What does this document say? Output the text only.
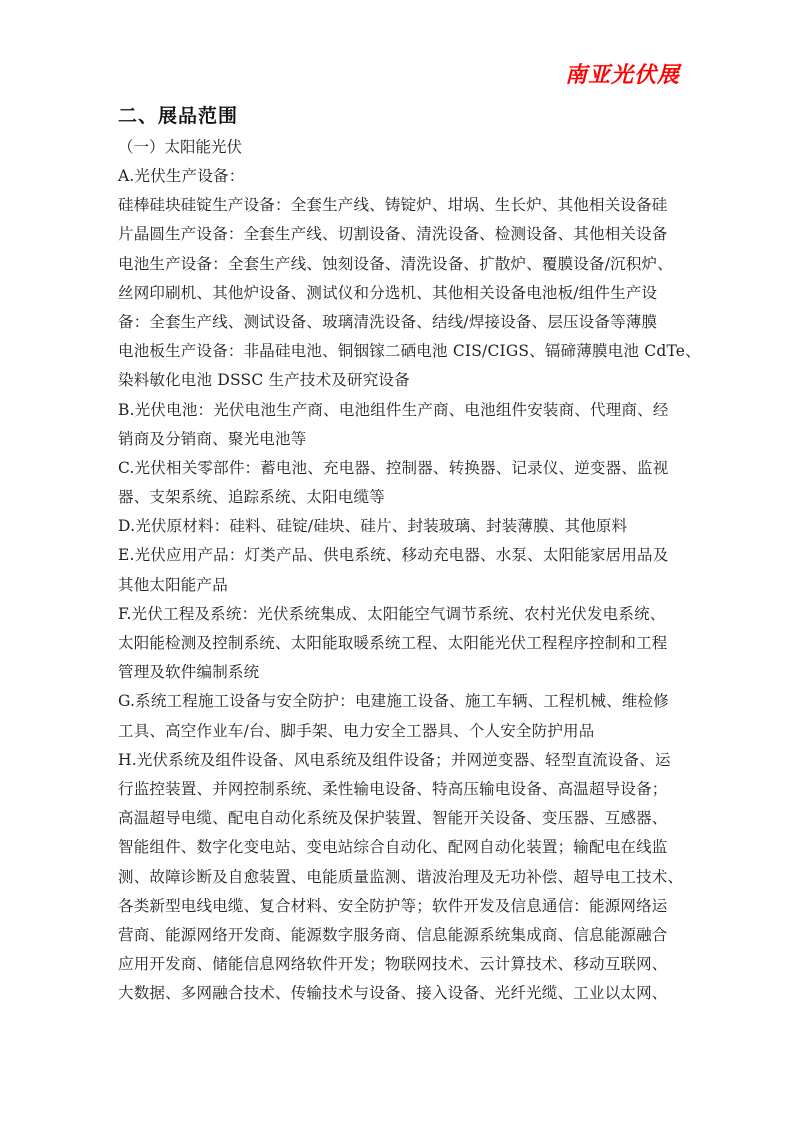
南亚光伏展
二、展品范围
（一）太阳能光伏
A.光伏生产设备：
硅棒硅块硅锭生产设备：全套生产线、铸锭炉、坩埚、生长炉、其他相关设备硅
片晶圆生产设备：全套生产线、切割设备、清洗设备、检测设备、其他相关设备
电池生产设备：全套生产线、蚀刻设备、清洗设备、扩散炉、覆膜设备/沉积炉、
丝网印刷机、其他炉设备、测试仪和分选机、其他相关设备电池板/组件生产设
备：全套生产线、测试设备、玻璃清洗设备、结线/焊接设备、层压设备等薄膜
电池板生产设备：非晶硅电池、铜铟镓二硒电池 CIS/CIGS、镉碲薄膜电池 CdTe、
染料敏化电池 DSSC 生产技术及研究设备
B.光伏电池：光伏电池生产商、电池组件生产商、电池组件安装商、代理商、经
销商及分销商、聚光电池等
C.光伏相关零部件：蓄电池、充电器、控制器、转换器、记录仪、逆变器、监视
器、支架系统、追踪系统、太阳电缆等
D.光伏原材料：硅料、硅锭/硅块、硅片、封装玻璃、封装薄膜、其他原料
E.光伏应用产品：灯类产品、供电系统、移动充电器、水泵、太阳能家居用品及
其他太阳能产品
F.光伏工程及系统：光伏系统集成、太阳能空气调节系统、农村光伏发电系统、
太阳能检测及控制系统、太阳能取暖系统工程、太阳能光伏工程程序控制和工程
管理及软件编制系统
G.系统工程施工设备与安全防护：电建施工设备、施工车辆、工程机械、维检修
工具、高空作业车/台、脚手架、电力安全工器具、个人安全防护用品
H.光伏系统及组件设备、风电系统及组件设备；并网逆变器、轻型直流设备、运
行监控装置、并网控制系统、柔性输电设备、特高压输电设备、高温超导设备；
高温超导电缆、配电自动化系统及保护装置、智能开关设备、变压器、互感器、
智能组件、数字化变电站、变电站综合自动化、配网自动化装置；输配电在线监
测、故障诊断及自愈装置、电能质量监测、谐波治理及无功补偿、超导电工技术、
各类新型电线电缆、复合材料、安全防护等；软件开发及信息通信：能源网络运
营商、能源网络开发商、能源数字服务商、信息能源系统集成商、信息能源融合
应用开发商、储能信息网络软件开发；物联网技术、云计算技术、移动互联网、
大数据、多网融合技术、传输技术与设备、接入设备、光纤光缆、工业以太网、
